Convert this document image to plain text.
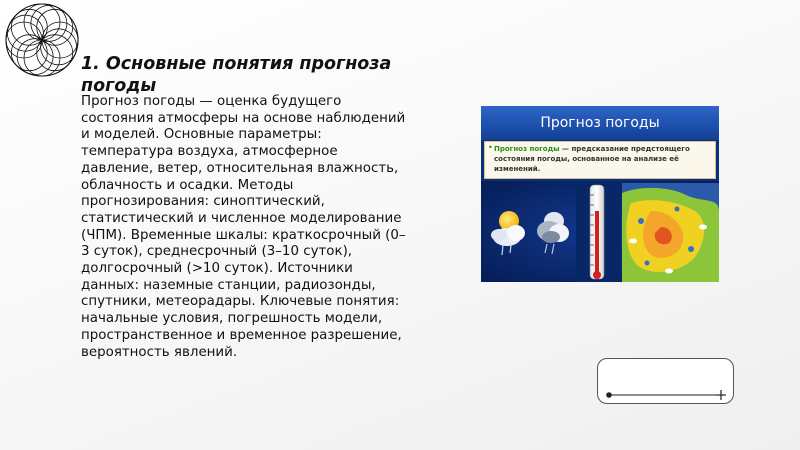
1. Основные понятия прогноза погоды
Прогноз погоды — оценка будущего состояния атмосферы на основе наблюдений и моделей. Основные параметры: температура воздуха, атмосферное давление, ветер, относительная влажность, облачность и осадки. Методы прогнозирования: синоптический, статистический и численное моделирование (ЧПМ). Временные шкалы: краткосрочный (0–3 суток), среднесрочный (3–10 суток), долгосрочный (>10 суток). Источники данных: наземные станции, радиозонды, спутники, метеорадары. Ключевые понятия: начальные условия, погрешность модели, пространственное и временное разрешение, вероятность явлений.
Прогноз погоды
• Прогноз погоды — предсказание предстоящего состояния погоды, основанное на анализе её изменений.
